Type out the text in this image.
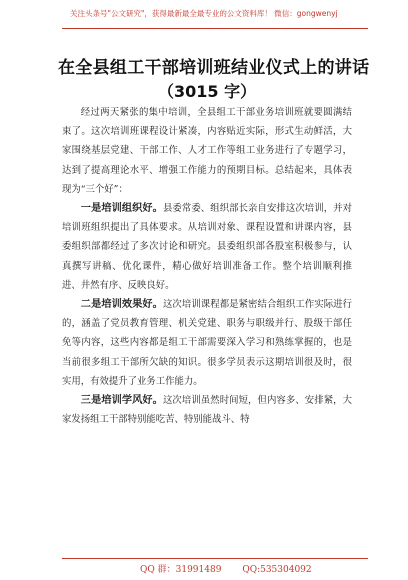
关注头条号"公文研究"，获得最新最全最专业的公文资料库！ 微信：gongwenyj
在全县组工干部培训班结业仪式上的讲话
（3015 字）

经过两天紧张的集中培训，全县组工干部业务培训班就要圆满结束了。这次培训班课程设计紧凑，内容贴近实际，形式生动鲜活，大家围绕基层党建、干部工作、人才工作等组工业务进行了专题学习，达到了提高理论水平、增强工作能力的预期目标。总结起来，具体表现为“三个好”：

一是培训组织好。县委常委、组织部长亲自安排这次培训，并对培训班组织提出了具体要求。从培训对象、课程设置和讲课内容，县委组织部都经过了多次讨论和研究。县委组织部各股室积极参与，认真撰写讲稿、优化课件，精心做好培训准备工作。整个培训顺利推进、井然有序、反映良好。

二是培训效果好。这次培训课程都是紧密结合组织工作实际进行的，涵盖了党员教育管理、机关党建、职务与职级并行、股级干部任免等内容，这些内容都是组工干部需要深入学习和熟练掌握的，也是当前很多组工干部所欠缺的知识。很多学员表示这期培训很及时，很实用，有效提升了业务工作能力。

三是培训学风好。这次培训虽然时间短，但内容多、安排紧，大家发扬组工干部特别能吃苦、特别能战斗、特

QQ 群：31991489 QQ:535304092
